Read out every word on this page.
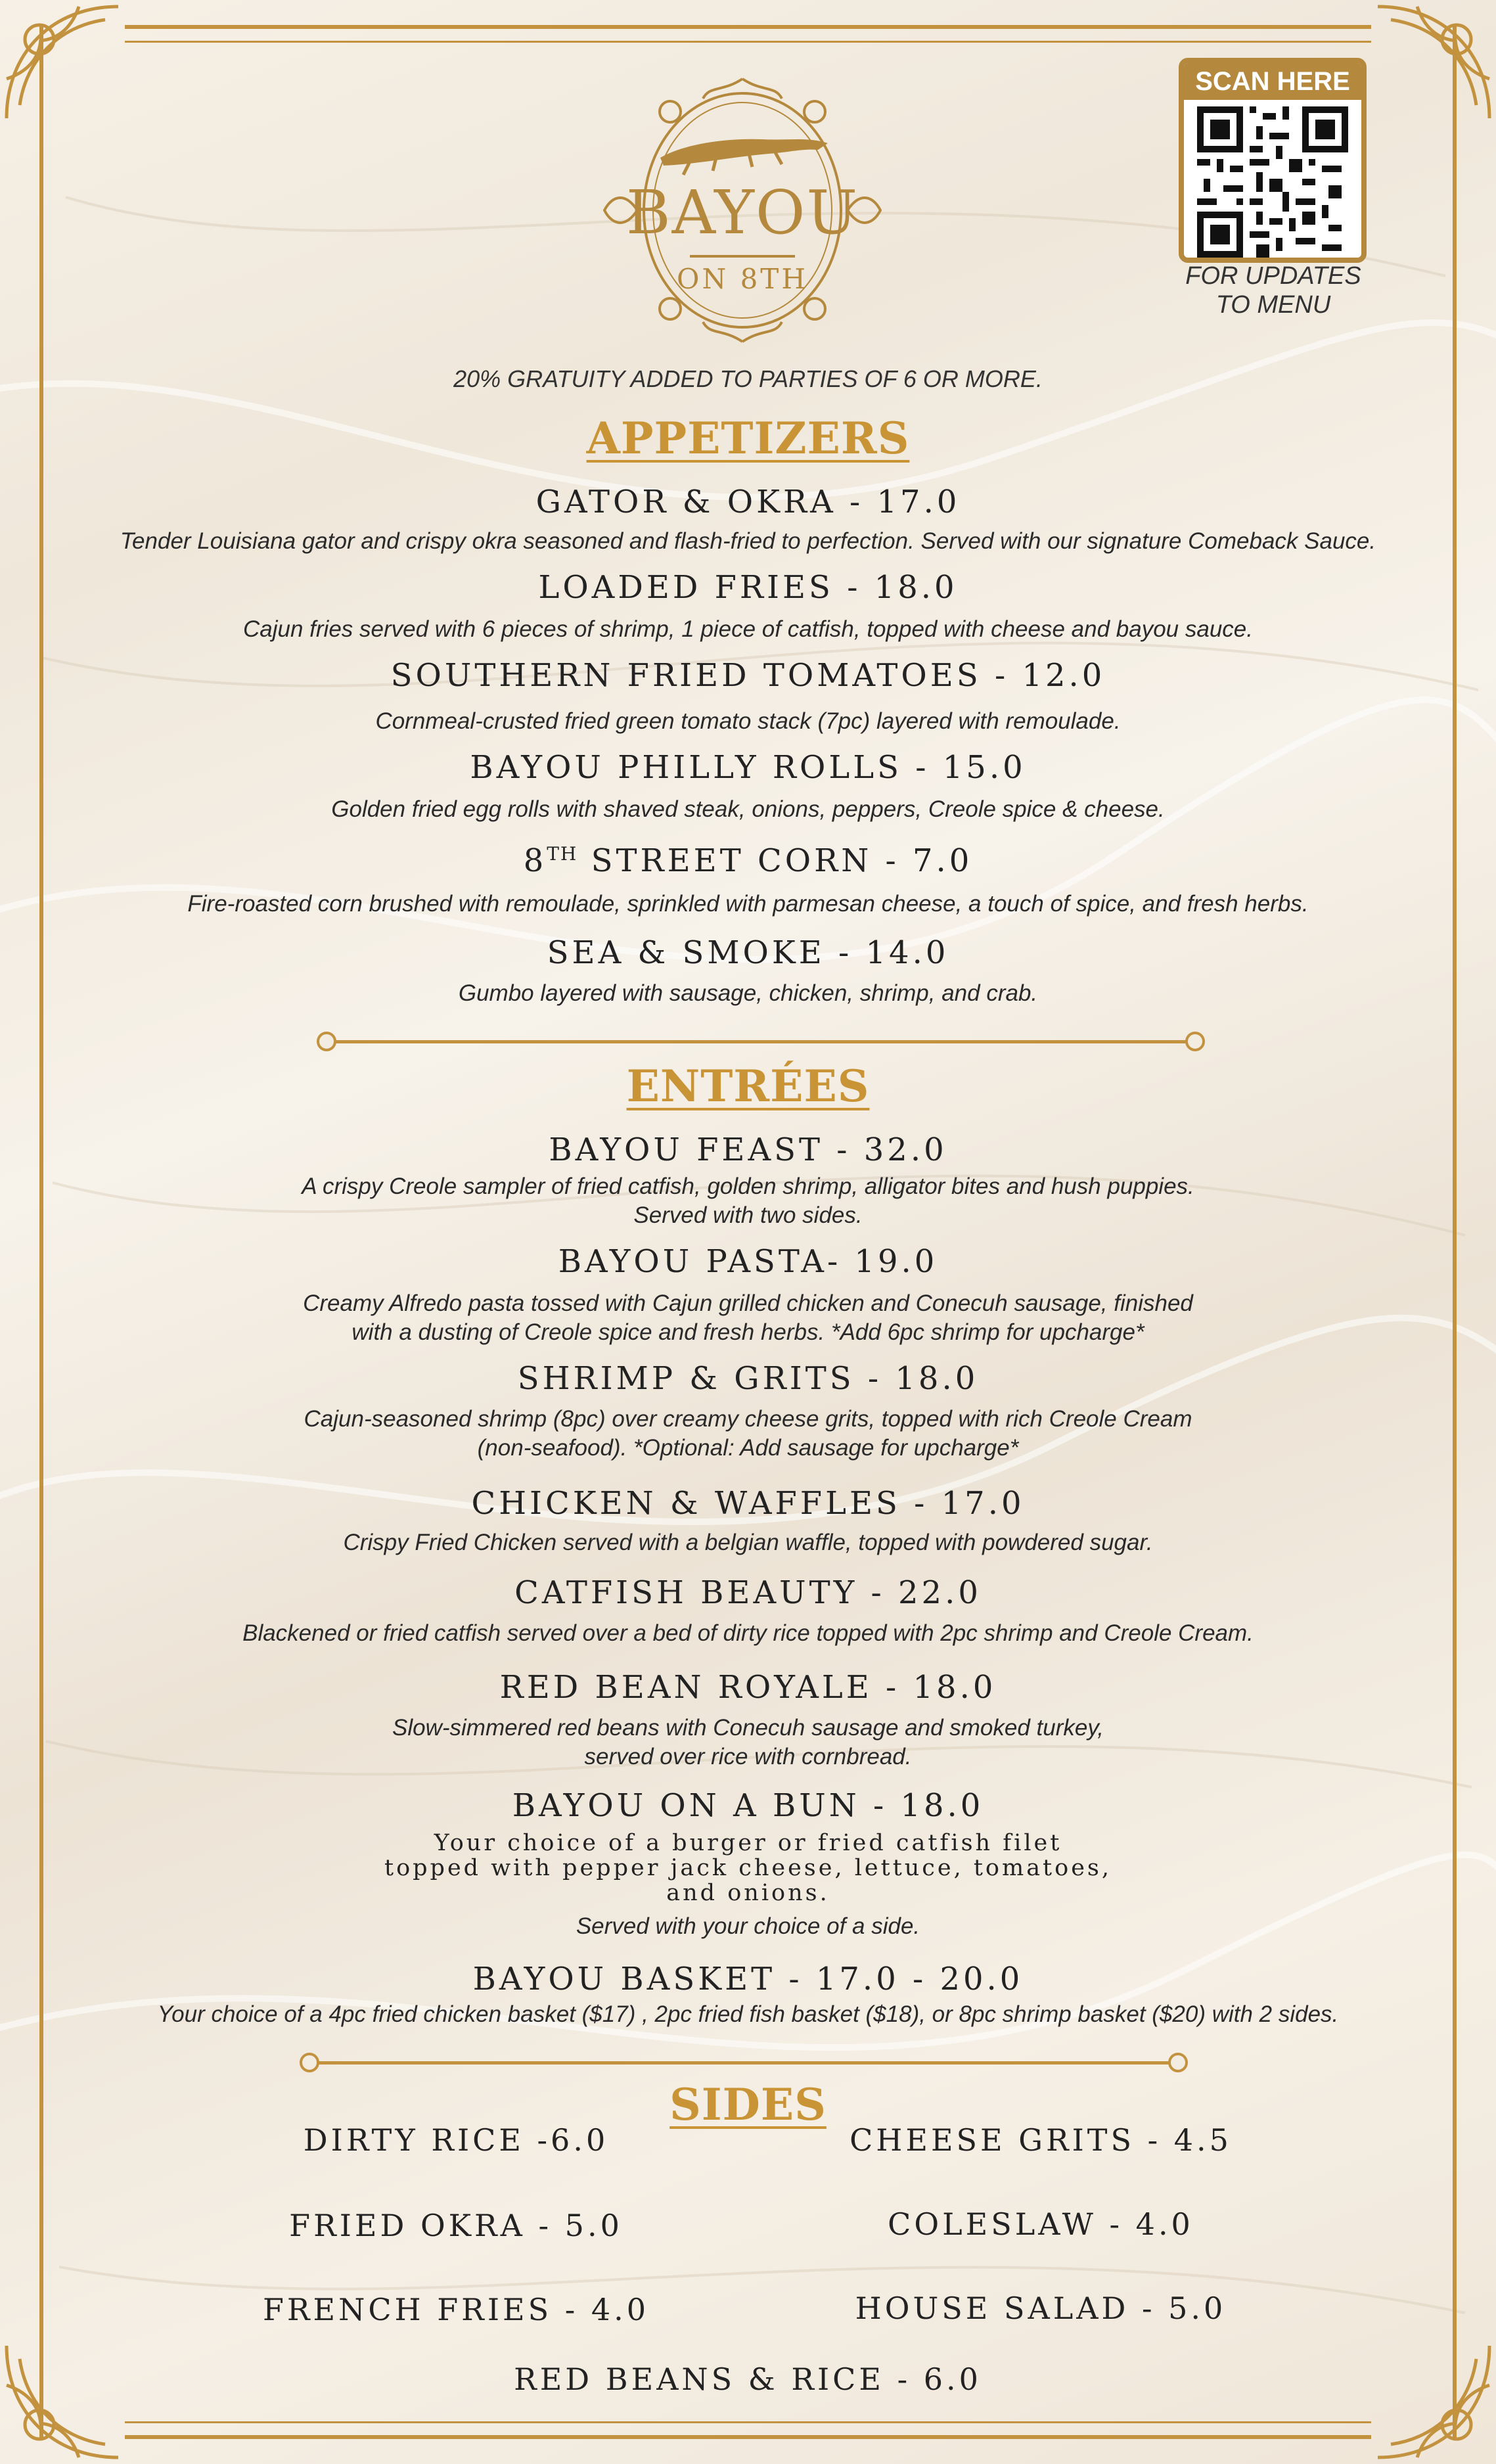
BAYOU
ON 8TH
SCAN HERE
FOR UPDATES
TO MENU
20% GRATUITY ADDED TO PARTIES OF 6 OR MORE.
APPETIZERS
GATOR & OKRA - 17.0
Tender Louisiana gator and crispy okra seasoned and flash-fried to perfection. Served with our signature Comeback Sauce.
LOADED FRIES - 18.0
Cajun fries served with 6 pieces of shrimp, 1 piece of catfish, topped with cheese and bayou sauce.
SOUTHERN FRIED TOMATOES - 12.0
Cornmeal-crusted fried green tomato stack (7pc) layered with remoulade.
BAYOU PHILLY ROLLS - 15.0
Golden fried egg rolls with shaved steak, onions, peppers, Creole spice & cheese.
8TH STREET CORN - 7.0
Fire-roasted corn brushed with remoulade, sprinkled with parmesan cheese, a touch of spice, and fresh herbs.
SEA & SMOKE - 14.0
Gumbo layered with sausage, chicken, shrimp, and crab.
ENTRÉES
BAYOU FEAST - 32.0
A crispy Creole sampler of fried catfish, golden shrimp, alligator bites and hush puppies.
Served with two sides.
BAYOU PASTA- 19.0
Creamy Alfredo pasta tossed with Cajun grilled chicken and Conecuh sausage, finished
with a dusting of Creole spice and fresh herbs. *Add 6pc shrimp for upcharge*
SHRIMP & GRITS - 18.0
Cajun-seasoned shrimp (8pc) over creamy cheese grits, topped with rich Creole Cream
(non-seafood). *Optional: Add sausage for upcharge*
CHICKEN & WAFFLES - 17.0
Crispy Fried Chicken served with a belgian waffle, topped with powdered sugar.
CATFISH BEAUTY - 22.0
Blackened or fried catfish served over a bed of dirty rice topped with 2pc shrimp and Creole Cream.
RED BEAN ROYALE - 18.0
Slow-simmered red beans with Conecuh sausage and smoked turkey,
served over rice with cornbread.
BAYOU ON A BUN - 18.0
Your choice of a burger or fried catfish filet
topped with pepper jack cheese, lettuce, tomatoes,
and onions.
Served with your choice of a side.
BAYOU BASKET - 17.0 - 20.0
Your choice of a 4pc fried chicken basket ($17) , 2pc fried fish basket ($18), or 8pc shrimp basket ($20) with 2 sides.
SIDES
DIRTY RICE -6.0	CHEESE GRITS - 4.5
FRIED OKRA - 5.0	COLESLAW - 4.0
FRENCH FRIES - 4.0	HOUSE SALAD - 5.0
RED BEANS & RICE - 6.0
